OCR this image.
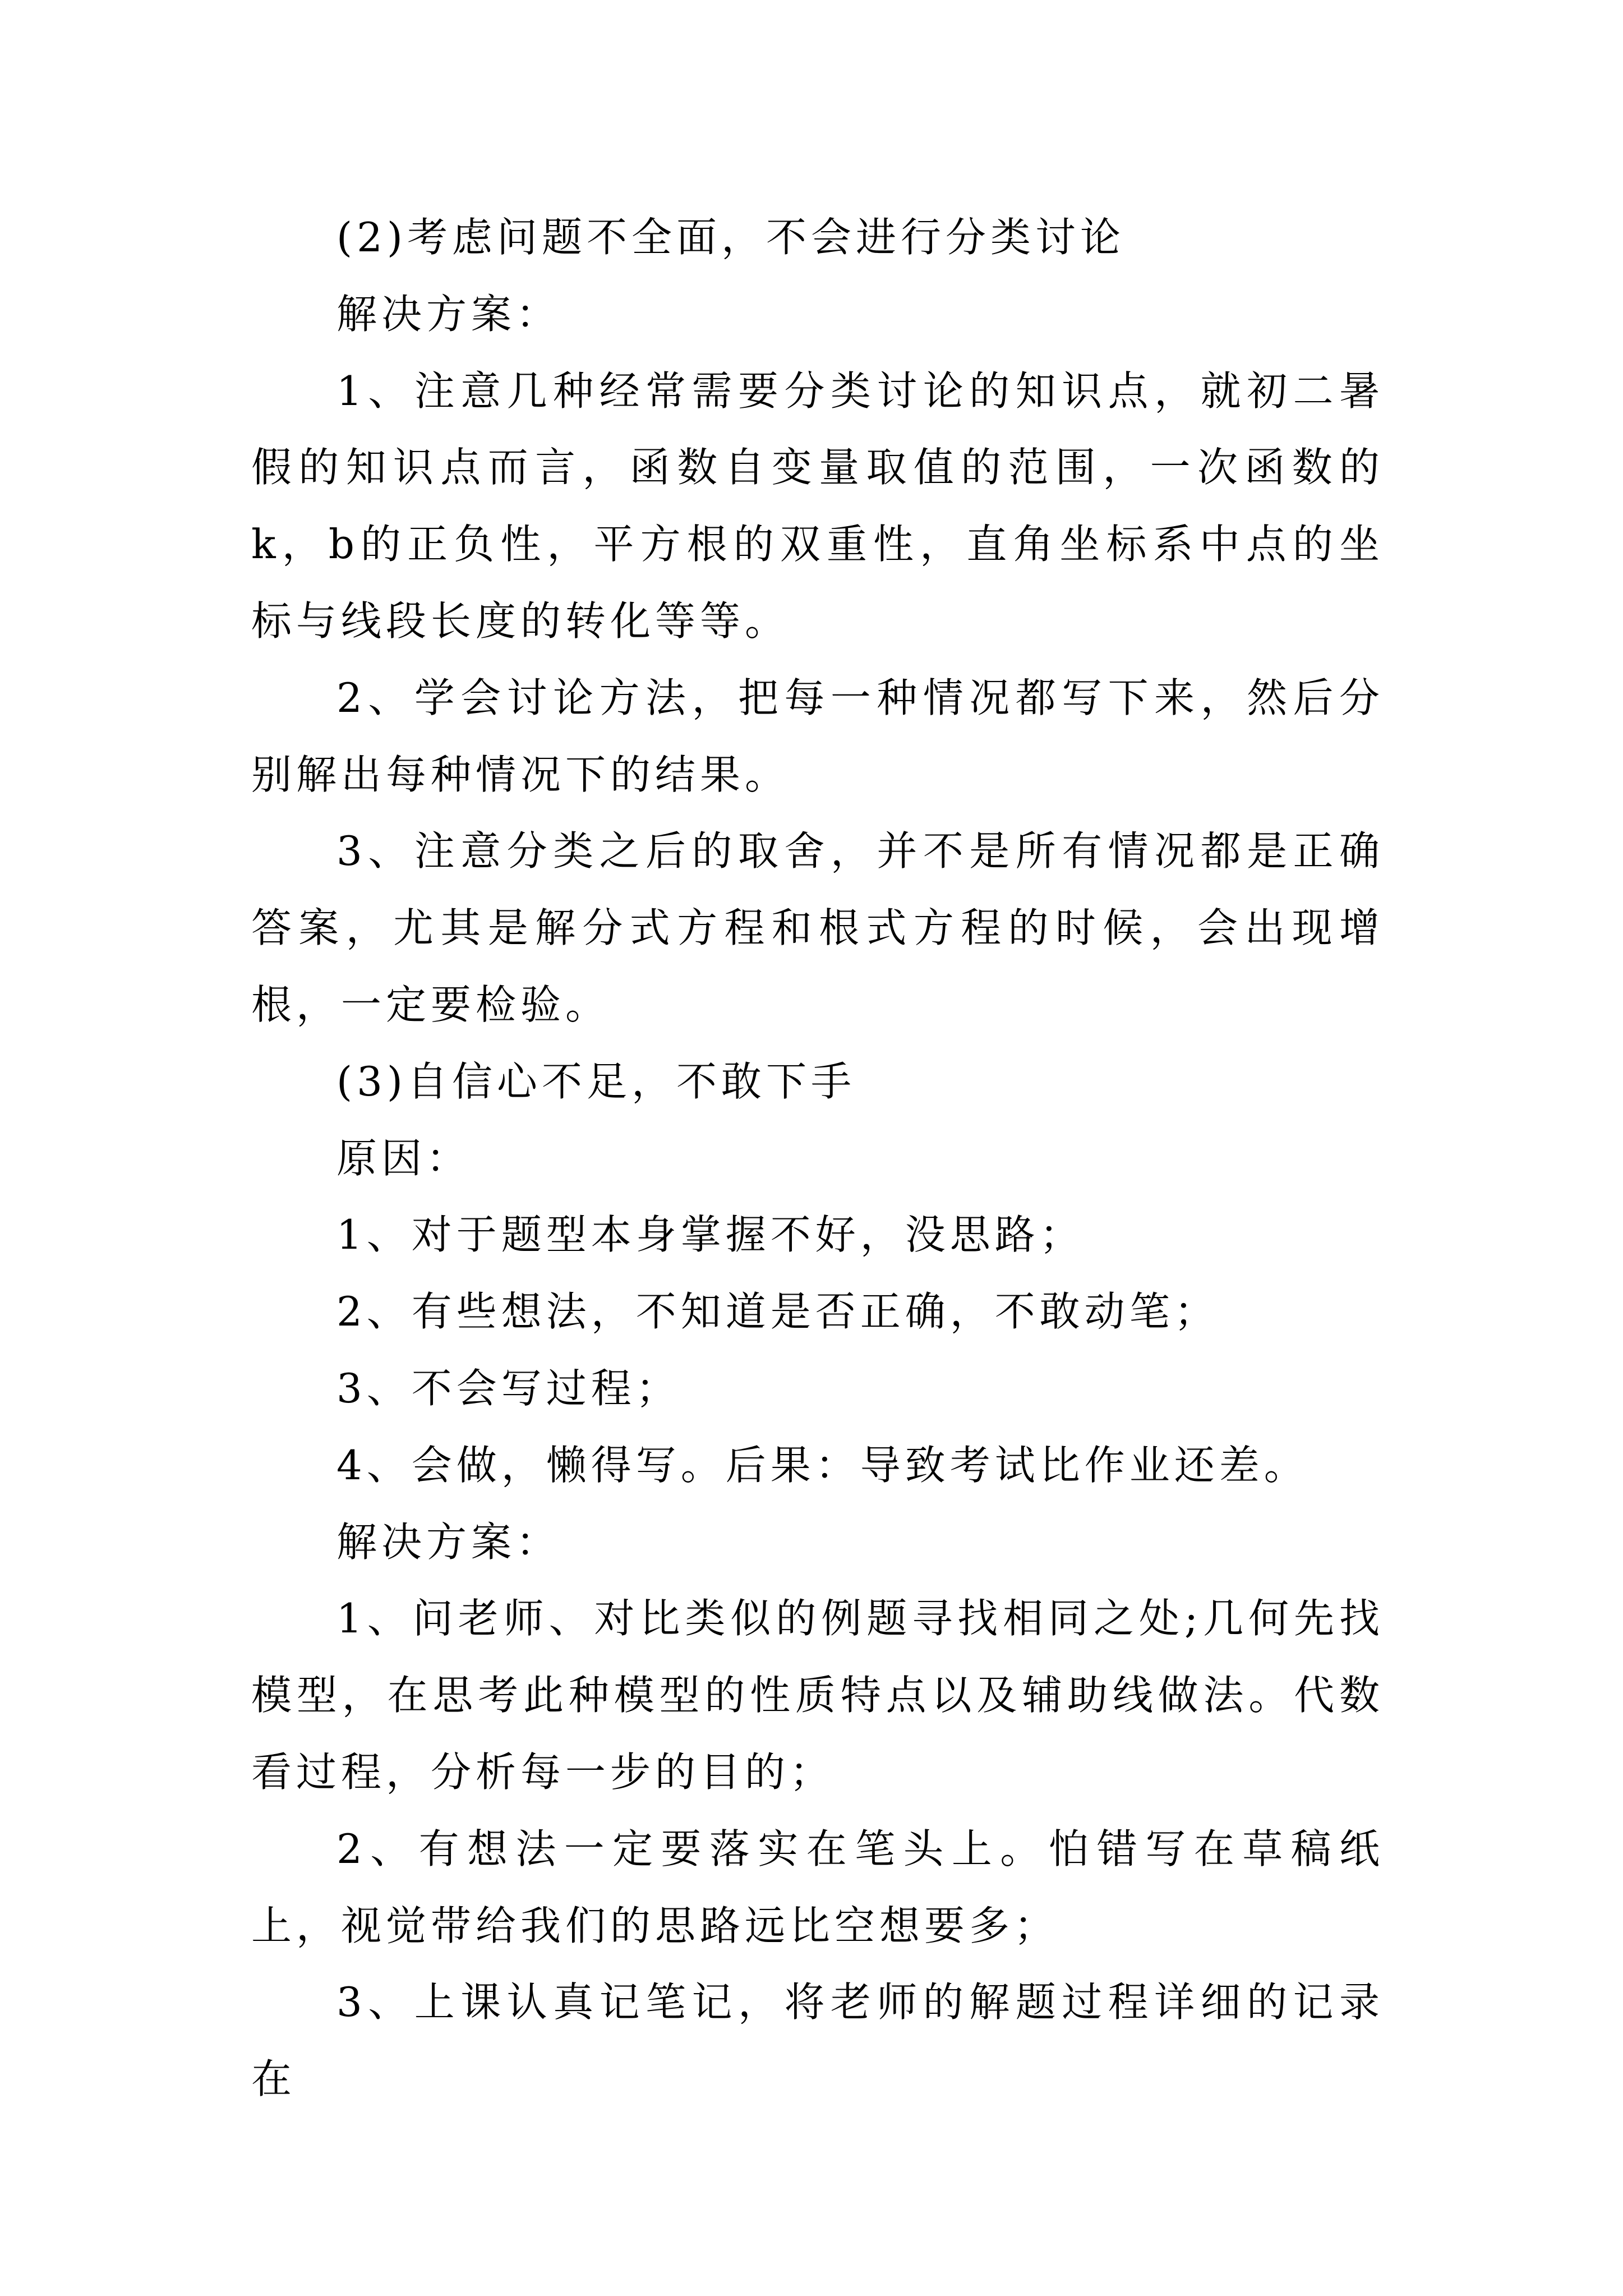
(2)考虑问题不全面，不会进行分类讨论

解决方案：

1、注意几种经常需要分类讨论的知识点，就初二暑假的知识点而言，函数自变量取值的范围，一次函数的k，b的正负性，平方根的双重性，直角坐标系中点的坐标与线段长度的转化等等。

2、学会讨论方法，把每一种情况都写下来，然后分别解出每种情况下的结果。

3、注意分类之后的取舍，并不是所有情况都是正确答案，尤其是解分式方程和根式方程的时候，会出现增根，一定要检验。

(3)自信心不足，不敢下手

原因：

1、对于题型本身掌握不好，没思路；

2、有些想法，不知道是否正确，不敢动笔；

3、不会写过程；

4、会做，懒得写。后果：导致考试比作业还差。

解决方案：

1、问老师、对比类似的例题寻找相同之处;几何先找模型，在思考此种模型的性质特点以及辅助线做法。代数看过程，分析每一步的目的；

2、有想法一定要落实在笔头上。怕错写在草稿纸上，视觉带给我们的思路远比空想要多；

3、上课认真记笔记，将老师的解题过程详细的记录在
